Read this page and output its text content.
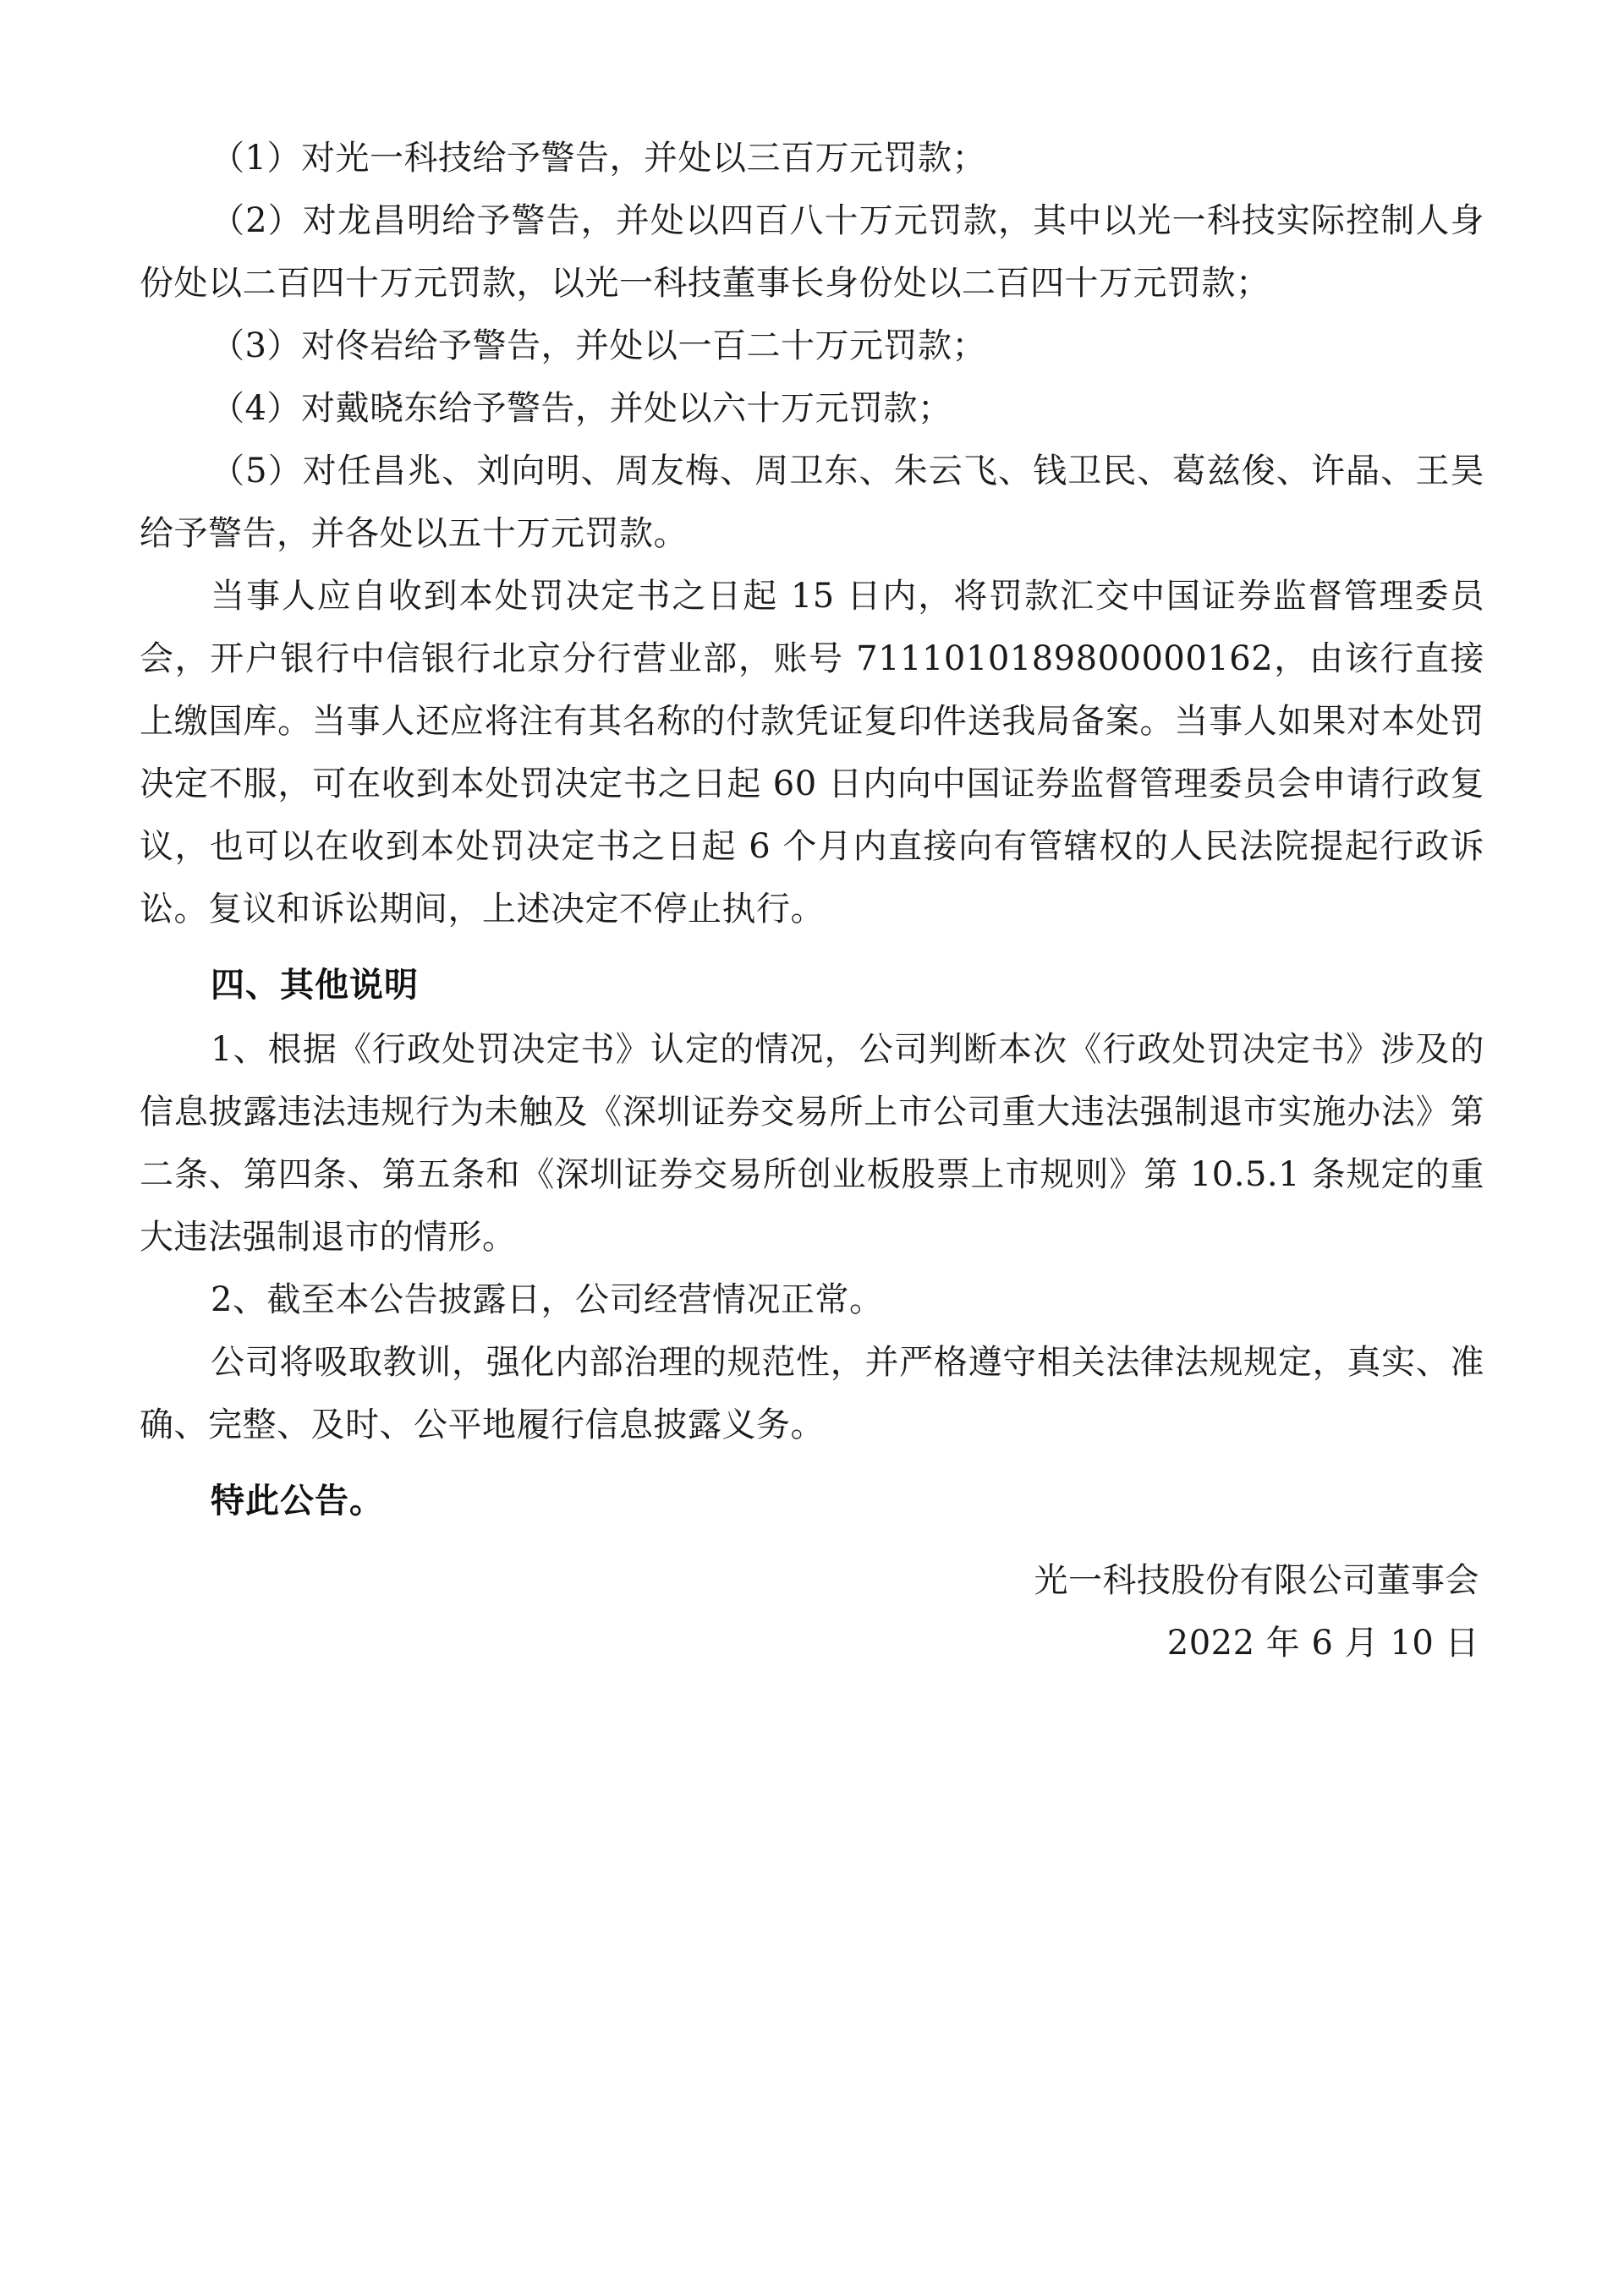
（1）对光一科技给予警告，并处以三百万元罚款；

（2）对龙昌明给予警告，并处以四百八十万元罚款，其中以光一科技实际控制人身份处以二百四十万元罚款，以光一科技董事长身份处以二百四十万元罚款；

（3）对佟岩给予警告，并处以一百二十万元罚款；

（4）对戴晓东给予警告，并处以六十万元罚款；

（5）对任昌兆、刘向明、周友梅、周卫东、朱云飞、钱卫民、葛兹俊、许晶、王昊给予警告，并各处以五十万元罚款。

当事人应自收到本处罚决定书之日起 15 日内，将罚款汇交中国证券监督管理委员会，开户银行中信银行北京分行营业部，账号 7111010189800000162，由该行直接上缴国库。当事人还应将注有其名称的付款凭证复印件送我局备案。当事人如果对本处罚决定不服，可在收到本处罚决定书之日起 60 日内向中国证券监督管理委员会申请行政复议，也可以在收到本处罚决定书之日起 6 个月内直接向有管辖权的人民法院提起行政诉讼。复议和诉讼期间，上述决定不停止执行。

四、其他说明

1、根据《行政处罚决定书》认定的情况，公司判断本次《行政处罚决定书》涉及的信息披露违法违规行为未触及《深圳证券交易所上市公司重大违法强制退市实施办法》第二条、第四条、第五条和《深圳证券交易所创业板股票上市规则》第 10.5.1 条规定的重大违法强制退市的情形。

2、截至本公告披露日，公司经营情况正常。

公司将吸取教训，强化内部治理的规范性，并严格遵守相关法律法规规定，真实、准确、完整、及时、公平地履行信息披露义务。

特此公告。

光一科技股份有限公司董事会
2022 年 6 月 10 日
